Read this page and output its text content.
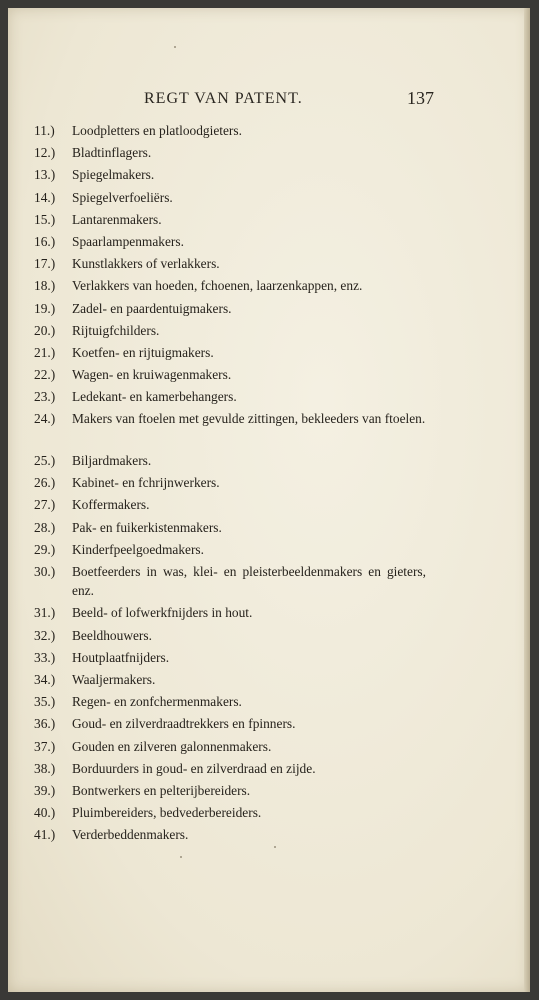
REGT VAN PATENT.	137
11.)	Loodpletters en platloodgieters.
12.)	Bladtinflagers.
13.)	Spiegelmakers.
14.)	Spiegelverfoeliërs.
15.)	Lantarenmakers.
16.)	Spaarlampenmakers.
17.)	Kunstlakkers of verlakkers.
18.)	Verlakkers van hoeden, fchoenen, laarzenkappen, enz.
19.)	Zadel- en paardentuigmakers.
20.)	Rijtuigfchilders.
21.)	Koetfen- en rijtuigmakers.
22.)	Wagen- en kruiwagenmakers.
23.)	Ledekant- en kamerbehangers.
24.)	Makers van ftoelen met gevulde zittingen, bekleeders van ftoelen.
25.)	Biljardmakers.
26.)	Kabinet- en fchrijnwerkers.
27.)	Koffermakers.
28.)	Pak- en fuikerkistenmakers.
29.)	Kinderfpeelgoedmakers.
30.)	Boetfeerders in was, klei- en pleisterbeeldenmakers en gieters, enz.
31.)	Beeld- of lofwerkfnijders in hout.
32.)	Beeldhouwers.
33.)	Houtplaatfnijders.
34.)	Waaljermakers.
35.)	Regen- en zonfchermenmakers.
36.)	Goud- en zilverdraadtrekkers en fpinners.
37.)	Gouden en zilveren galonnenmakers.
38.)	Borduurders in goud- en zilverdraad en zijde.
39.)	Bontwerkers en pelterijbereiders.
40.)	Pluimbereiders, bedvederbereiders.
41.)	Verderbeddenmakers.
